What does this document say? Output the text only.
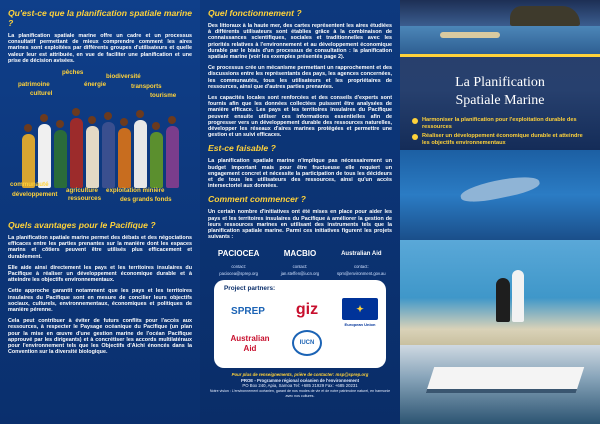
Qu'est-ce que la planification spatiale marine ?

La planification spatiale marine offre un cadre et un processus consultatif permettant de mieux comprendre comment les aires marines sont exploitées par différents groupes d'utilisateurs et quelle valeur leur est attribuée, en vue de faciliter une planification et une prise de décision avisées.

pêches
biodiversité
patrimoine	énergie	transports
culturel	tourisme
communauté
agriculture exploitation minière
développement
ressources	des grands fonds
Quels avantages pour le Pacifique ?

La planification spatiale marine permet des débats et des négociations efficaces entre les parties prenantes sur la manière dont les espaces marins et côtiers peuvent être utilisés plus efficacement et durablement.

Elle aide ainsi directement les pays et les territoires insulaires du Pacifique à réaliser un développement économique durable et à atteindre les objectifs environnementaux.

Cette approche garantit notamment que les pays et les territoires insulaires du Pacifique sont en mesure de concilier leurs objectifs sociaux, culturels, environnementaux, économiques et politiques de manière pérenne.

Cela peut contribuer à éviter de futurs conflits pour l'accès aux ressources, à respecter le Paysage océanique du Pacifique (un plan pour la mise en œuvre d'une gestion marine de l'océan Pacifique approuvé par les dirigeants) et à concrétiser les accords multilatéraux pour l'environnement tels que les Objectifs d'Aichi énoncés dans la Convention sur la diversité biologique.

Quel fonctionnement ?

Des littoraux à la haute mer, des cartes représentent les aires étudiées à différents utilisateurs sont établies grâce à la combinaison de connaissances scientifiques, sociales et traditionnelles avec les priorités relatives à l'environnement et au développement économique durable par le biais d'un processus de consultation : la planification spatiale marine (voir les exemples présentés page 2).

Ce processus crée un mécanisme permettant un rapprochement et des discussions entre les représentants des pays, les agences concernées, les communautés, tous les utilisateurs et les propriétaires de ressources, ainsi que d'autres parties prenantes.

Les capacités locales sont renforcées et des conseils d'experts sont fournis afin que les données collectées puissent être analysées de manière efficace. Les pays et les territoires insulaires du Pacifique peuvent ensuite utiliser ces informations essentielles afin de progresser vers un développement durable des ressources naturelles, développer les réseaux d'aires marines protégées et permettre une gestion et un suivi efficaces.

Est-ce faisable ?

La planification spatiale marine n'implique pas nécessairement un budget important mais pour être fructueuse elle requiert un engagement concret et nécessite la participation de tous les décideurs et de tous les utilisateurs des ressources, ainsi qu'un accès intersectoriel aux données.

Comment commencer ?

Un certain nombre d'initiatives ont été mises en place pour aider les pays et les territoires insulaires du Pacifique à améliorer la gestion de leurs ressources marines en utilisant des instruments tels que la planification spatiale marine. Parmi ces initiatives figurent les projets suivants :

PACIOCEA
contact:
paciocea@sprep.org
MACBIO
contact:
jan.steffen@iucn.org
Australian Aid
contact:
spm@environment.gov.au
Project partners:
SPREP	giz	✦
European Union
Australian
Aid
IUCN
Pour plus de renseignements, prière de contacter: msp@sprep.org
PROE - Programme régional océanien de l'environnement
PO Box 240, Apia, Samoa Tel: +685 21929 Fax: +685 20231
Notre vision : L'environnement océanien, garant de nos modes de vie et de notre patrimoine naturel, en harmonie avec nos cultures.
La Planification
Spatiale Marine
Harmoniser la planification pour l'exploitation durable des ressources
Réaliser un développement économique durable et atteindre les objectifs environnementaux
